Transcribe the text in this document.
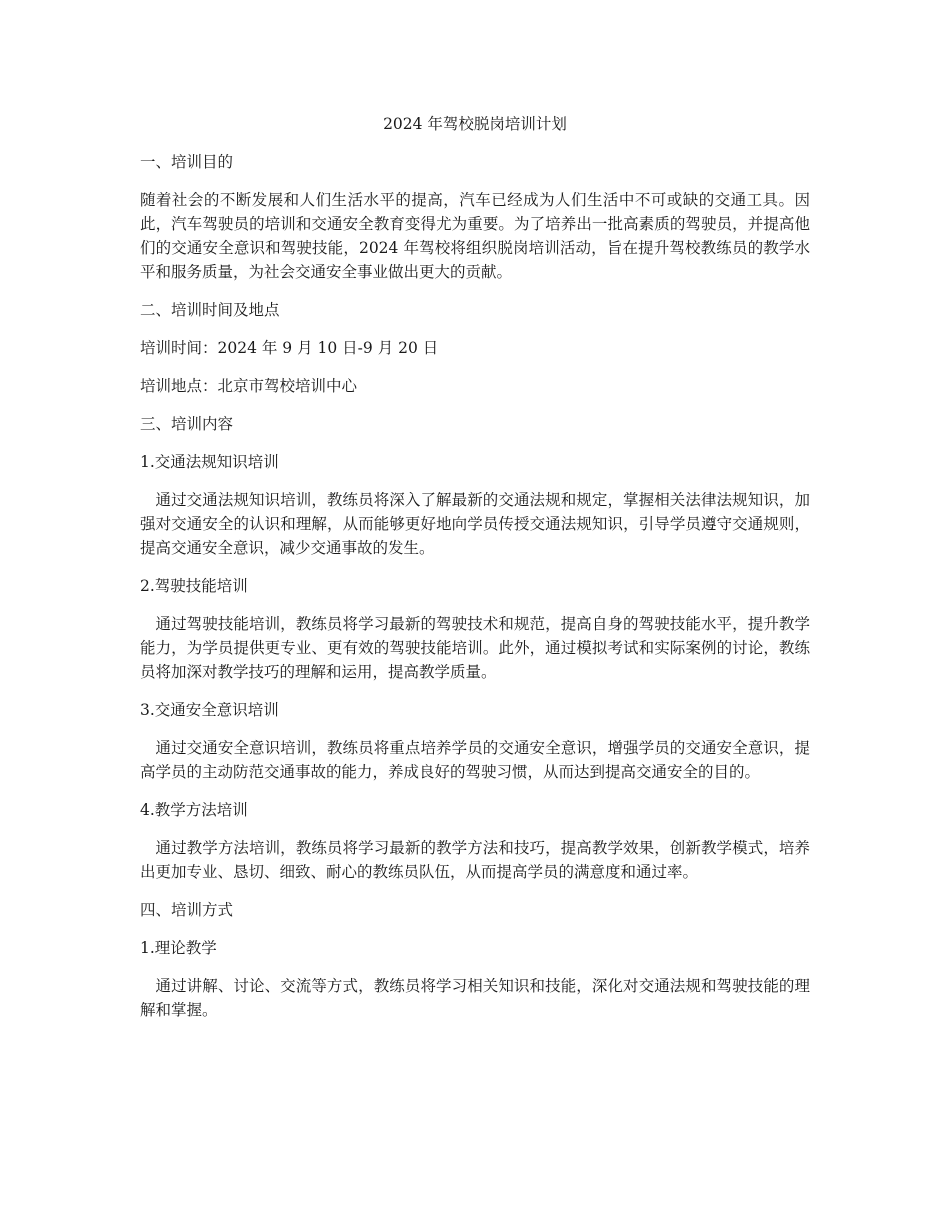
2024 年驾校脱岗培训计划
一、培训目的
随着社会的不断发展和人们生活水平的提高，汽车已经成为人们生活中不可或缺的交通工具。因此，汽车驾驶员的培训和交通安全教育变得尤为重要。为了培养出一批高素质的驾驶员，并提高他们的交通安全意识和驾驶技能，2024 年驾校将组织脱岗培训活动，旨在提升驾校教练员的教学水平和服务质量，为社会交通安全事业做出更大的贡献。
二、培训时间及地点
培训时间：2024 年 9 月 10 日-9 月 20 日
培训地点：北京市驾校培训中心
三、培训内容
1.交通法规知识培训
通过交通法规知识培训，教练员将深入了解最新的交通法规和规定，掌握相关法律法规知识，加强对交通安全的认识和理解，从而能够更好地向学员传授交通法规知识，引导学员遵守交通规则，提高交通安全意识，减少交通事故的发生。
2.驾驶技能培训
通过驾驶技能培训，教练员将学习最新的驾驶技术和规范，提高自身的驾驶技能水平，提升教学能力，为学员提供更专业、更有效的驾驶技能培训。此外，通过模拟考试和实际案例的讨论，教练员将加深对教学技巧的理解和运用，提高教学质量。
3.交通安全意识培训
通过交通安全意识培训，教练员将重点培养学员的交通安全意识，增强学员的交通安全意识，提高学员的主动防范交通事故的能力，养成良好的驾驶习惯，从而达到提高交通安全的目的。
4.教学方法培训
通过教学方法培训，教练员将学习最新的教学方法和技巧，提高教学效果，创新教学模式，培养出更加专业、恳切、细致、耐心的教练员队伍，从而提高学员的满意度和通过率。
四、培训方式
1.理论教学
通过讲解、讨论、交流等方式，教练员将学习相关知识和技能，深化对交通法规和驾驶技能的理解和掌握。
